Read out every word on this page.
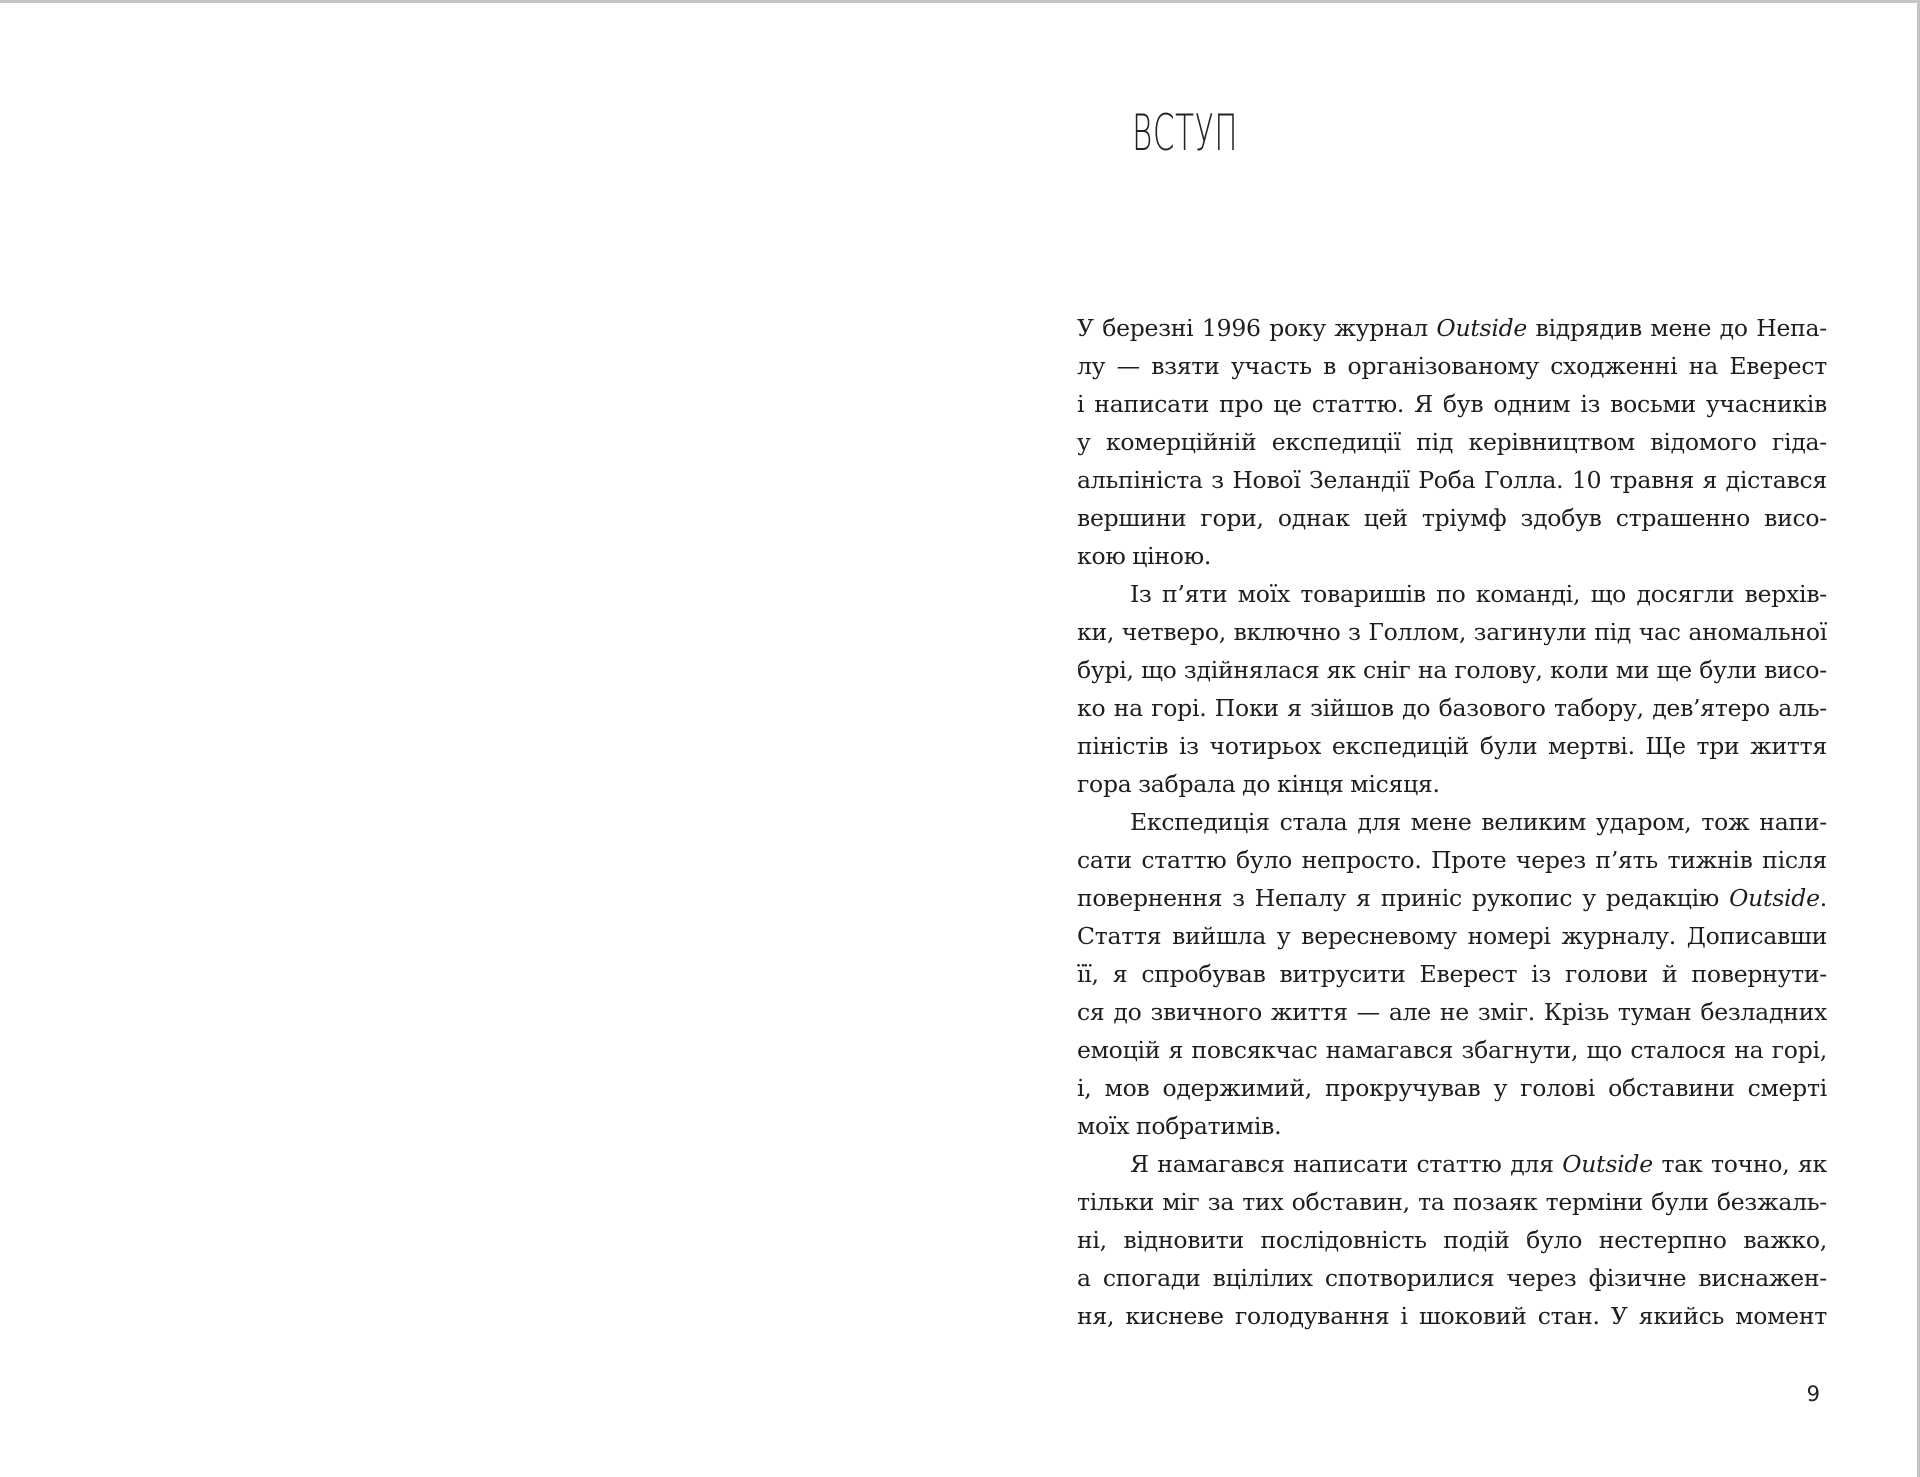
ВСТУП
У березні 1996 року журнал Outside відрядив мене до Непа-
лу — взяти участь в організованому сходженні на Еверест
і написати про це статтю. Я був одним із восьми учасників
у комерційній експедиції під керівництвом відомого гіда-
альпініста з Нової Зеландії Роба Голла. 10 травня я дістався
вершини гори, однак цей тріумф здобув страшенно висо-
кою ціною.
Із п’яти моїх товаришів по команді, що досягли верхів-
ки, четверо, включно з Голлом, загинули під час аномальної
бурі, що здійнялася як сніг на голову, коли ми ще були висо-
ко на горі. Поки я зійшов до базового табору, дев’ятеро аль-
піністів із чотирьох експедицій були мертві. Ще три життя
гора забрала до кінця місяця.
Експедиція стала для мене великим ударом, тож напи-
сати статтю було непросто. Проте через п’ять тижнів після
повернення з Непалу я приніс рукопис у редакцію Outside.
Стаття вийшла у вересневому номері журналу. Дописавши
її, я спробував витрусити Еверест із голови й повернути-
ся до звичного життя — але не зміг. Крізь туман безладних
емоцій я повсякчас намагався збагнути, що сталося на горі,
і, мов одержимий, прокручував у голові обставини смерті
моїх побратимів.
Я намагався написати статтю для Outside так точно, як
тільки міг за тих обставин, та позаяк терміни були безжаль-
ні, відновити послідовність подій було нестерпно важко,
а спогади вцілілих спотворилися через фізичне виснажен-
ня, кисневе голодування і шоковий стан. У якийсь момент
9
